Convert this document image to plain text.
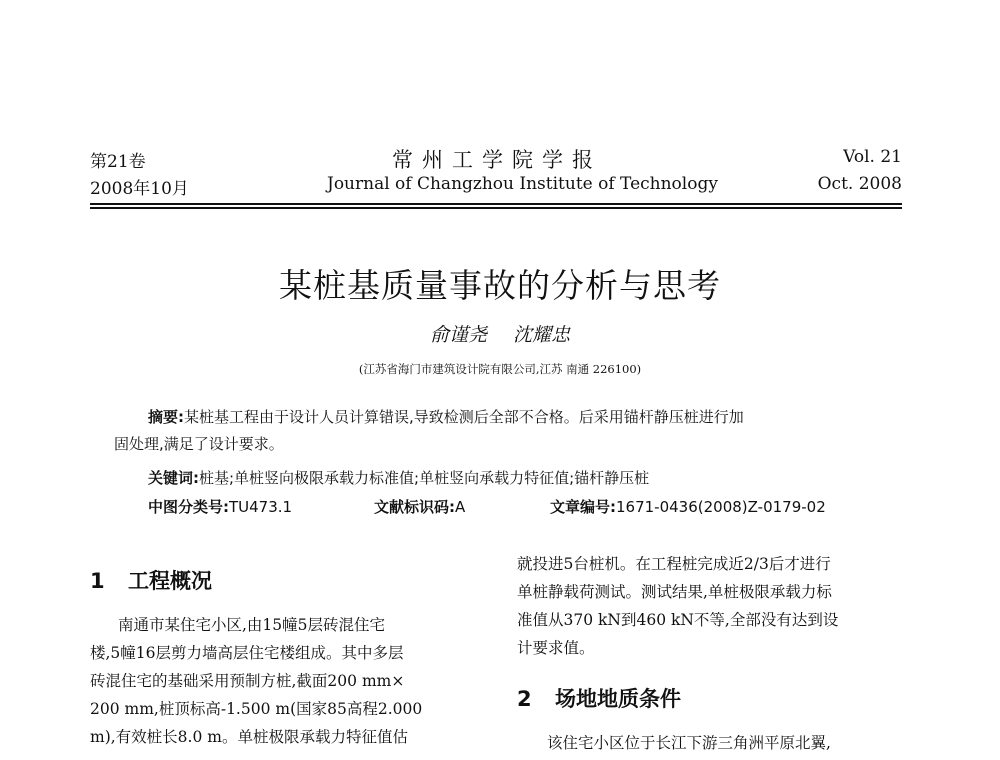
第21卷
2008年10月
常州工学院学报
Journal of Changzhou Institute of Technology
Vol. 21
Oct. 2008
某桩基质量事故的分析与思考
俞谨尧 沈耀忠
(江苏省海门市建筑设计院有限公司,江苏 南通 226100)
摘要:某桩基工程由于设计人员计算错误,导致检测后全部不合格。后采用锚杆静压桩进行加
固处理,满足了设计要求。
关键词:桩基;单桩竖向极限承载力标准值;单桩竖向承载力特征值;锚杆静压桩
中图分类号:TU473.1	文献标识码:A	文章编号:1671-0436(2008)Z-0179-02
1 工程概况
南通市某住宅小区,由15幢5层砖混住宅
楼,5幢16层剪力墙高层住宅楼组成。其中多层
砖混住宅的基础采用预制方桩,截面200 mm×
200 mm,桩顶标高-1.500 m(国家85高程2.000
m),有效桩长8.0 m。单桩极限承载力特征值估
就投进5台桩机。在工程桩完成近2/3后才进行
单桩静载荷测试。测试结果,单桩极限承载力标
准值从370 kN到460 kN不等,全部没有达到设
计要求值。
2 场地地质条件
该住宅小区位于长江下游三角洲平原北翼,
